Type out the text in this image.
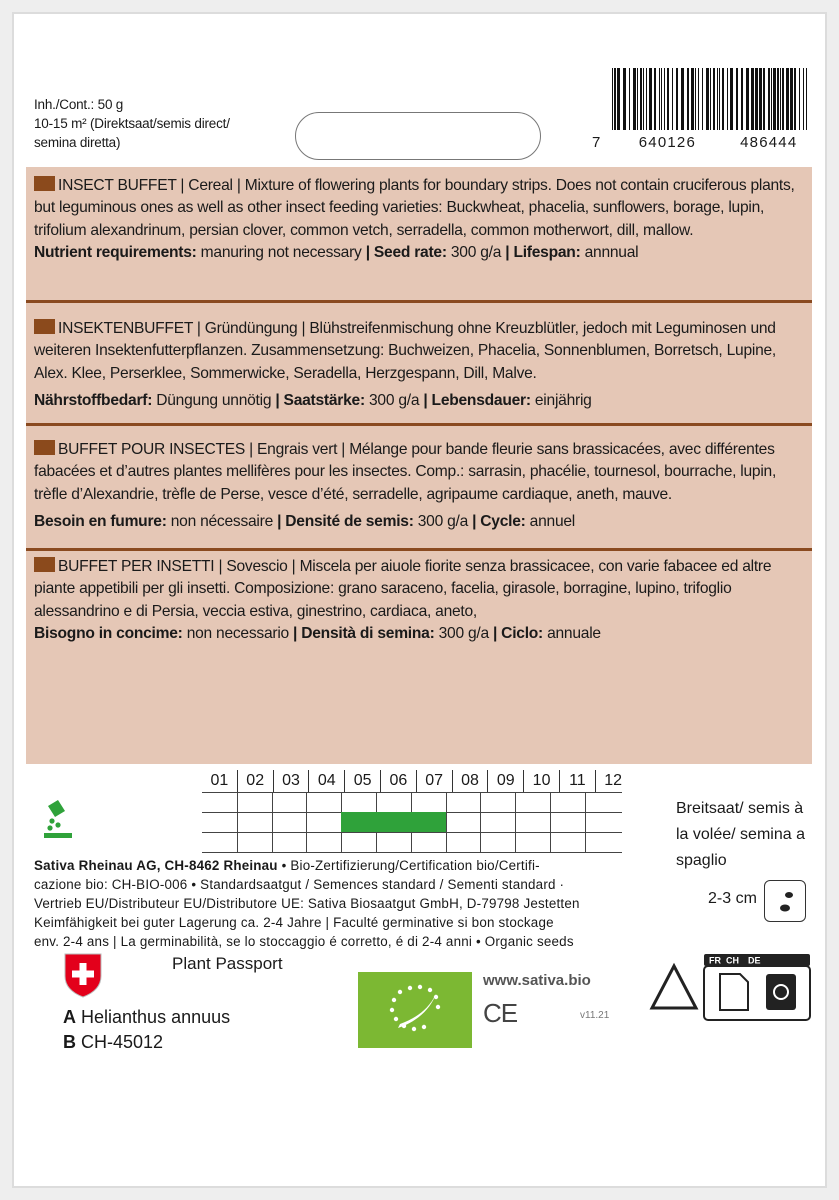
Inh./Cont.: 50 g
10-15 m² (Direktsaat/semis direct/
semina diretta)	7 640126	486444

INSECT BUFFET | Cereal | Mixture of flowering plants for boundary strips. Does not contain cruciferous plants, but leguminous ones as well as other insect feeding varieties: Buckwheat, phacelia, sunflowers, borage, lupin, trifolium alexandrinum, persian clover, common vetch, serradella, common motherwort, dill, mallow.

Nutrient requirements: manuring not necessary | Seed rate: 300 g/a | Lifespan: annnual

INSEKTENBUFFET | Gründüngung | Blühstreifenmischung ohne Kreuzblütler, jedoch mit Leguminosen und weiteren Insektenfutterpflanzen. Zusammensetzung: Buchweizen, Phacelia, Sonnenblumen, Borretsch, Lupine, Alex. Klee, Perserklee, Sommerwicke, Seradella, Herzgespann, Dill, Malve.

Nährstoffbedarf: Düngung unnötig | Saatstärke: 300 g/a | Lebensdauer: einjährig

BUFFET POUR INSECTES | Engrais vert | Mélange pour bande fleurie sans brassicacées, avec différentes fabacées et d’autres plantes mellifères pour les insectes. Comp.: sarrasin, phacélie, tournesol, bourrache, lupin, trèfle d’Alexandrie, trèfle de Perse, vesce d’été, serradelle, agripaume cardiaque, aneth, mauve.

Besoin en fumure: non nécessaire | Densité de semis: 300 g/a | Cycle: annuel

BUFFET PER INSETTI | Sovescio | Miscela per aiuole fiorite senza brassicacee, con varie fabacee ed altre piante appetibili per gli insetti. Composizione: grano saraceno, facelia, girasole, borragine, lupino, trifoglio alessandrino e di Persia, veccia estiva, ginestrino, cardiaca, aneto,

Bisogno in concime: non necessario | Densità di semina: 300 g/a | Ciclo: annuale

01	02	03	04	05	06	07	08	09	10	11	12
Breitsaat/ semis à
la volée/ semina a
spaglio
2-3 cm
Sativa Rheinau AG, CH-8462 Rheinau • Bio-Zertifizierung/Certification bio/Certifi-
cazione bio: CH-BIO-006 • Standardsaatgut / Semences standard / Sementi standard ·
Vertrieb EU/Distributeur EU/Distributore UE: Sativa Biosaatgut GmbH, D-79798 Jestetten
Keimfähigkeit bei guter Lagerung ca. 2-4 Jahre | Faculté germinative si bon stockage
env. 2-4 ans | La germinabilità, se lo stoccaggio é corretto, é di 2-4 anni • Organic seeds
Plant Passport
A Helianthus annuus
B CH-45012
www.sativa.bio
CE	v11.21
FR CH DE
